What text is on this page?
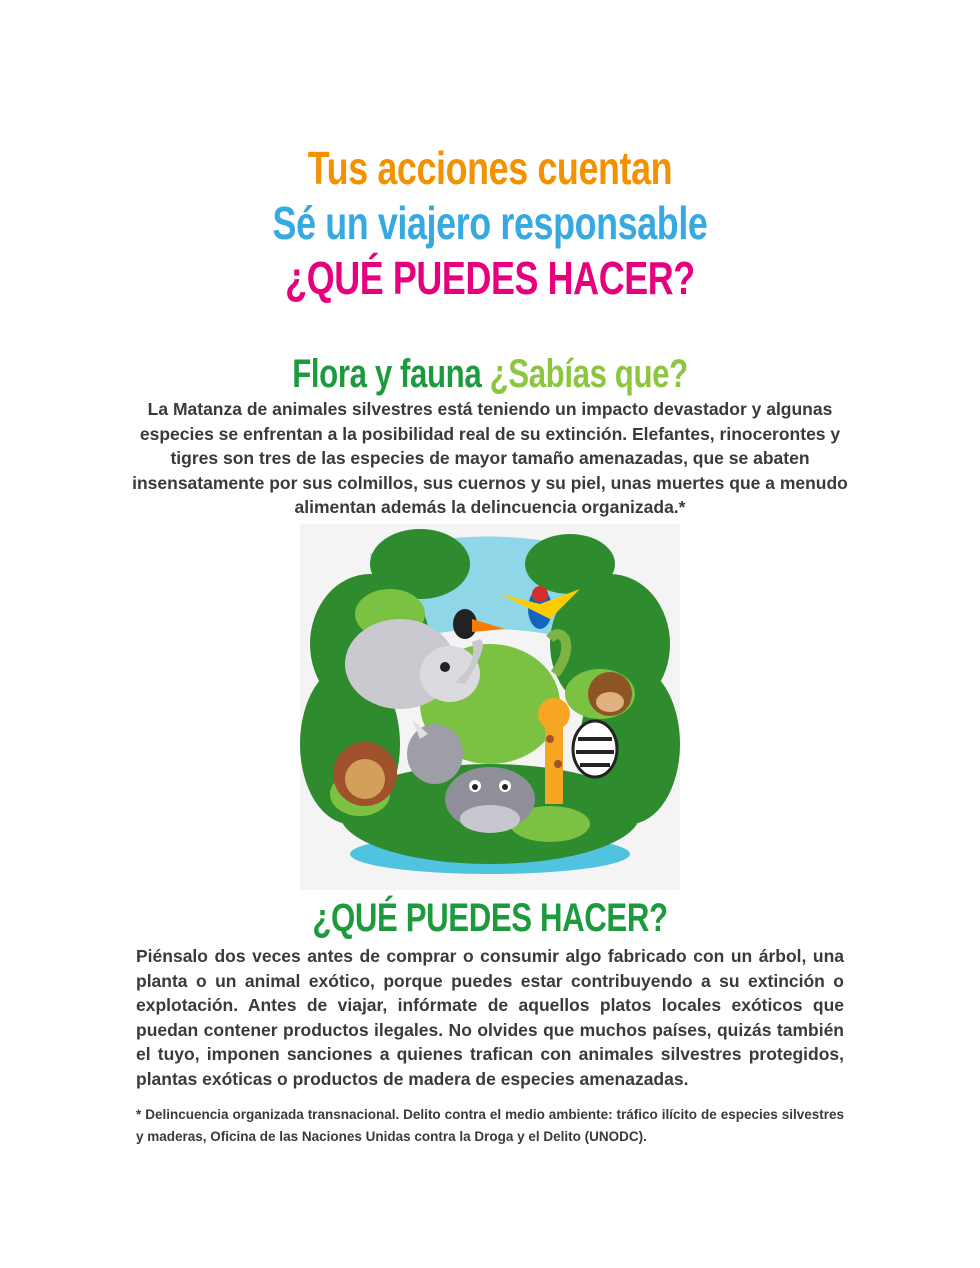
Tus acciones cuentan
Sé un viajero responsable
¿QUÉ PUEDES HACER?
Flora y fauna ¿Sabías que?

La Matanza de animales silvestres está teniendo un impacto devastador y algunas especies se enfrentan a la posibilidad real de su extinción. Elefantes, rinocerontes y tigres son tres de las especies de mayor tamaño amenazadas, que se abaten insensatamente por sus colmillos, sus cuernos y su piel, unas muertes que a menudo alimentan además la delincuencia organizada.*

¿QUÉ PUEDES HACER?

Piénsalo dos veces antes de comprar o consumir algo fabricado con un árbol, una planta o un animal exótico, porque puedes estar contribuyendo a su extinción o explotación. Antes de viajar, infórmate de aquellos platos locales exóticos que puedan contener productos ilegales. No olvides que muchos países, quizás también el tuyo, imponen sanciones a quienes trafican con animales silvestres protegidos, plantas exóticas o productos de madera de especies amenazadas.

* Delincuencia organizada transnacional. Delito contra el medio ambiente: tráfico ilícito de especies silvestres y maderas, Oficina de las Naciones Unidas contra la Droga y el Delito (UNODC).
